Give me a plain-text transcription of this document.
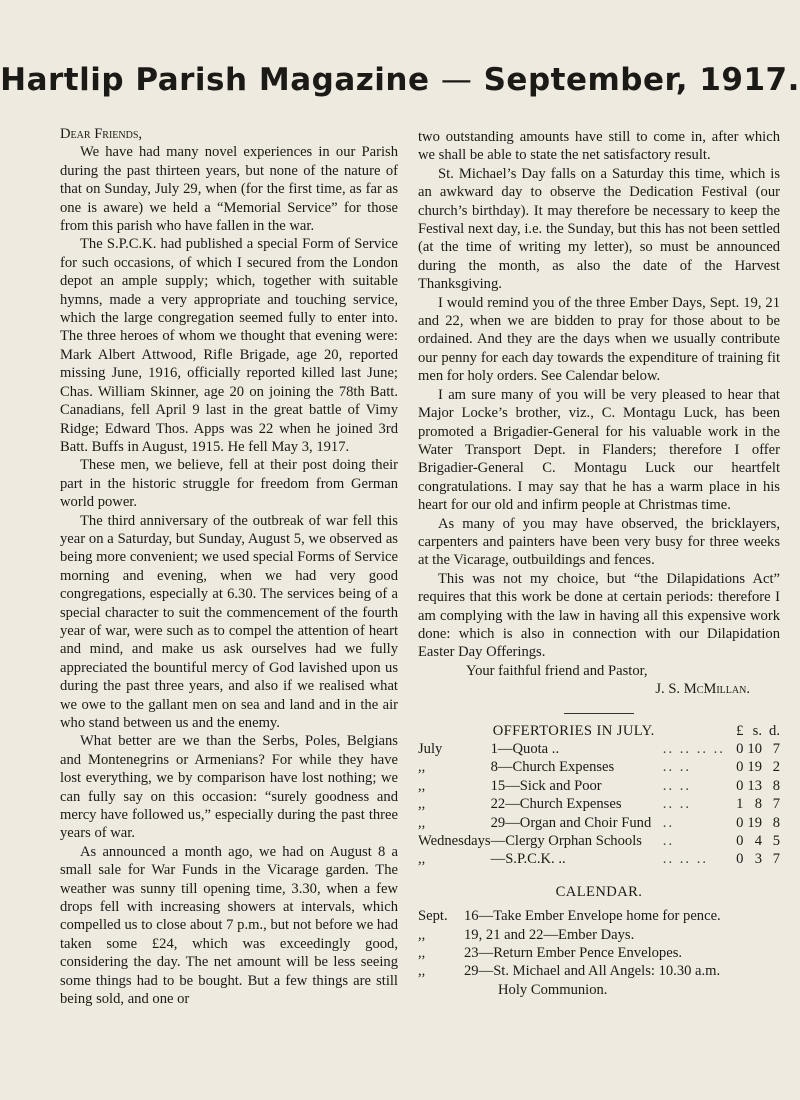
Hartlip Parish Magazine — September, 1917.

Dear Friends,

We have had many novel experiences in our Parish during the past thirteen years, but none of the nature of that on Sunday, July 29, when (for the first time, as far as one is aware) we held a “Memorial Service” for those from this parish who have fallen in the war.

The S.P.C.K. had published a special Form of Service for such occasions, of which I secured from the London depot an ample supply; which, together with suitable hymns, made a very appropriate and touching service, which the large congregation seemed fully to enter into. The three heroes of whom we thought that evening were: Mark Albert Attwood, Rifle Brigade, age 20, reported missing June, 1916, officially reported killed last June; Chas. William Skinner, age 20 on joining the 78th Batt. Canadians, fell April 9 last in the great battle of Vimy Ridge; Edward Thos. Apps was 22 when he joined 3rd Batt. Buffs in August, 1915. He fell May 3, 1917.

These men, we believe, fell at their post doing their part in the historic struggle for freedom from German world power.

The third anniversary of the outbreak of war fell this year on a Saturday, but Sunday, August 5, we observed as being more convenient; we used special Forms of Service morning and evening, when we had very good congregations, especially at 6.30. The services being of a special character to suit the commencement of the fourth year of war, were such as to compel the attention of heart and mind, and make us ask ourselves had we fully appreciated the bountiful mercy of God lavished upon us during the past three years, and also if we realised what we owe to the gallant men on sea and land and in the air who stand between us and the enemy.

What better are we than the Serbs, Poles, Belgians and Montenegrins or Armenians? For while they have lost everything, we by comparison have lost nothing; we can fully say on this occasion: “surely goodness and mercy have followed us,” especially during the past three years of war.

As announced a month ago, we had on August 8 a small sale for War Funds in the Vicarage garden. The weather was sunny till opening time, 3.30, when a few drops fell with increasing showers at intervals, which compelled us to close about 7 p.m., but not before we had taken some £24, which was exceedingly good, considering the day. The net amount will be less seeing some things had to be bought. But a few things are still being sold, and one or

two outstanding amounts have still to come in, after which we shall be able to state the net satisfactory result.

St. Michael’s Day falls on a Saturday this time, which is an awkward day to observe the Dedication Festival (our church’s birthday). It may therefore be necessary to keep the Festival next day, i.e. the Sunday, but this has not been settled (at the time of writing my letter), so must be announced during the month, as also the date of the Harvest Thanksgiving.

I would remind you of the three Ember Days, Sept. 19, 21 and 22, when we are bidden to pray for those about to be ordained. And they are the days when we usually contribute our penny for each day towards the expenditure of training fit men for holy orders. See Calendar below.

I am sure many of you will be very pleased to hear that Major Locke’s brother, viz., C. Montagu Luck, has been promoted a Brigadier-General for his valuable work in the Water Transport Dept. in Flanders; therefore I offer Brigadier-General C. Montagu Luck our heartfelt congratulations. I may say that he has a warm place in his heart for our old and infirm people at Christmas time.

As many of you may have observed, the bricklayers, carpenters and painters have been very busy for three weeks at the Vicarage, outbuildings and fences.

This was not my choice, but “the Dilapidations Act” requires that this work be done at certain periods: therefore I am complying with the law in having all this expensive work done: which is also in connection with our Dilapidation Easter Day Offerings.

Your faithful friend and Pastor,

J. S. McMillan.

OFFERTORIES IN JULY.			£		s.		d.
July	1—Quota ..	.. .. .. ..	0		10		7
,,	8—Church Expenses	.. ..	0		19		2
,,	15—Sick and Poor	.. ..	0		13		8
,,	22—Church Expenses	.. ..	1		8		7
,,	29—Organ and Choir Fund	..	0		19		8
Wednesdays	—Clergy Orphan Schools	..	0		4		5
,,	—S.P.C.K. ..	.. .. ..	0		3		7
CALENDAR.
Sept.	16—Take Ember Envelope home for pence.
,,	19, 21 and 22—Ember Days.
,,	23—Return Ember Pence Envelopes.
,,	29—St. Michael and All Angels: 10.30 a.m.
Holy Communion.
